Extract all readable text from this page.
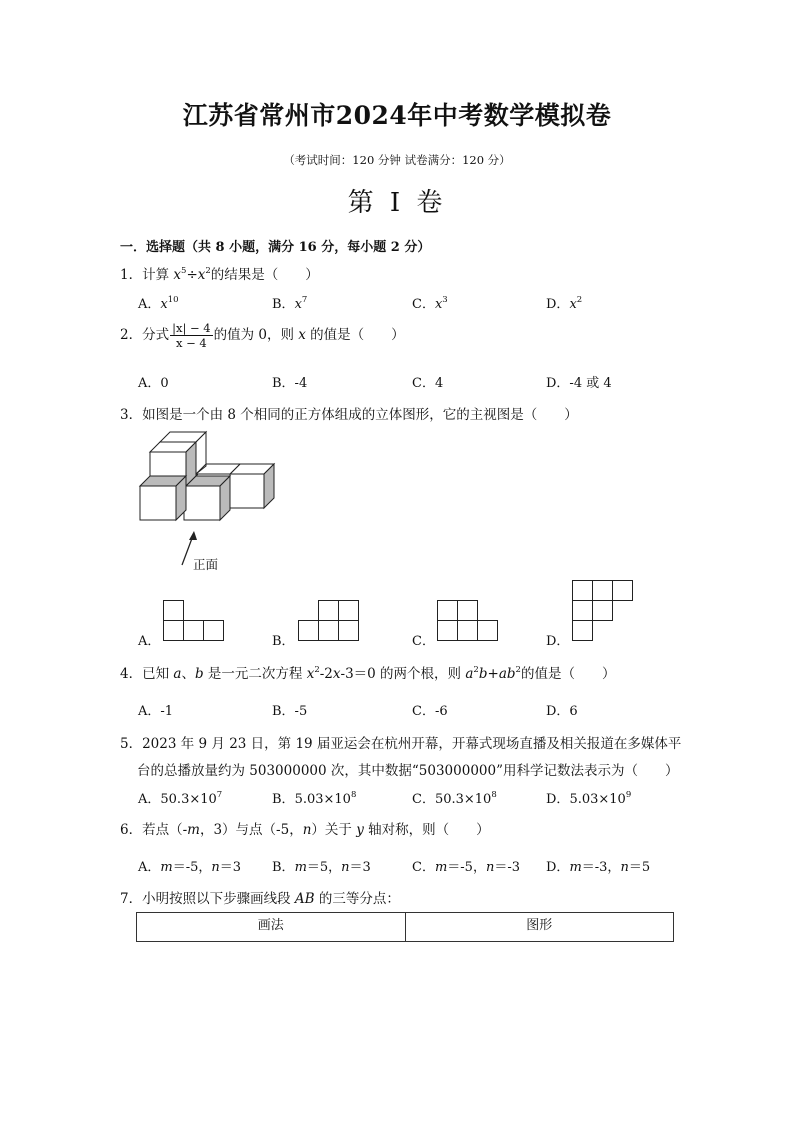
江苏省常州市2024年中考数学模拟卷
（考试时间：120 分钟 试卷满分：120 分）
第 I 卷
一．选择题（共 8 小题，满分 16 分，每小题 2 分）
1．计算 $x^5\div x^2$的结果是（　　）
A．$x^{10}$	B．$x^7$	C．$x^3$	D．$x^2$
2．分式 $\frac{|x| - 4}{x - 4}$ 的值为 0，则 x 的值是（　　）
A．0	B．-4	C．4	D．-4 或 4
3．如图是一个由 8 个相同的正方体组成的立体图形，它的主视图是（　　）
正面
A．	B．	C．	D．
4．已知 a、b 是一元二次方程 $x^2-2x-3=0$ 的两个根，则 $a^2b+ab^2$的值是（　　）
A．-1	B．-5	C．-6	D．6
5．2023 年 9 月 23 日，第 19 届亚运会在杭州开幕，开幕式现场直播及相关报道在多媒体平
台的总播放量约为 503000000 次，其中数据“503000000”用科学记数法表示为（　　）
A．$50.3\times 10^7$	B．$5.03\times 10^8$	C．$50.3\times 10^8$	D．$5.03\times 10^9$
6．若点（-m，3）与点（-5，n）关于 y 轴对称，则（　　）
A．m＝-5，n＝3 B．m＝5，n＝3	C．m＝-5，n＝-3 D．m＝-3，n＝5
7．小明按照以下步骤画线段 AB 的三等分点：
画法	图形
